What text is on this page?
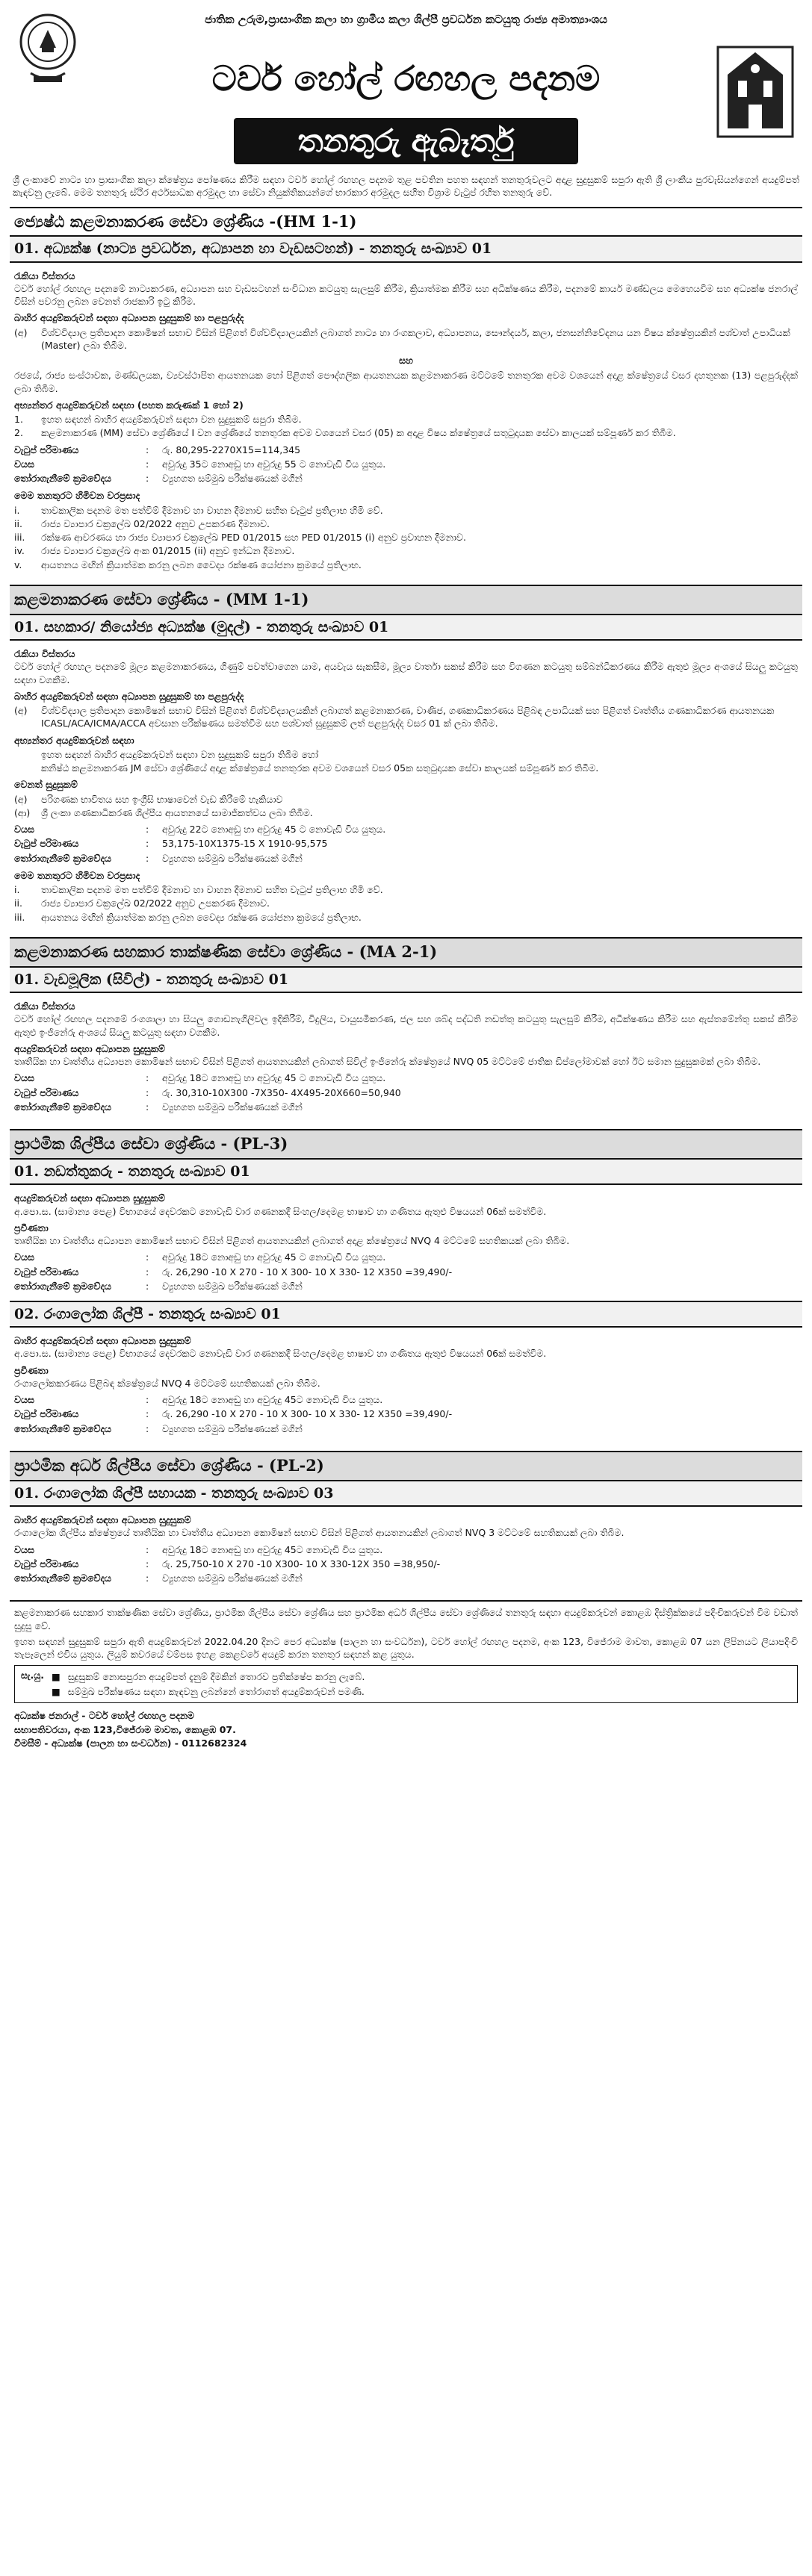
ජාතික උරුම,ප්‍රාසාංගික කලා හා ග්‍රාමීය කලා ශිල්පී ප්‍රවර්ධන කටයුතු රාජ්‍ය අමාත්‍යාංශය
ටවර් හෝල් රඟහල පදනම
තනතුරු ඇබෑර්තු
ශ්‍රී ලංකාවේ නාට්‍ය හා ප්‍රාසාංගික කලා ක්ෂේත්‍රය පෝෂණය කිරීම සඳහා ටවර් හෝල් රඟහල පදනම තුළ පවතින පහත සඳහන් තනතුරුවලට අදාළ සුදුසුකම් සපුරා ඇති ශ්‍රී ලාංකීය පුරවැසියන්ගෙන් අයදුම්පත් කැඳවනු ලැබේ. මෙම තනතුරු ස්ථිර අර්ථසාධක අරමුදල හා සේවා නියුක්තිකයන්ගේ භාරකාර අරමුදල සහිත විශ්‍රාම වැටුප් රහිත තනතුරු වේ.
ජ්‍යෙෂ්ඨ කළමනාකරණ සේවා ශ්‍රේණිය -(HM 1-1)
01. අධ්‍යක්ෂ (නාට්‍ය ප්‍රවර්ධන, අධ්‍යාපන හා වැඩසටහන්) - තනතුරු සංඛ්‍යාව 01
රැකියා විස්තරය
ටවර් හෝල් රඟහල පදනමේ නාට්‍යකරණ, අධ්‍යාපන සහ වැඩසටහන් සංවිධාන කටයුතු සැලසුම් කිරීම, ක්‍රියාත්මක කිරීම සහ අධීක්ෂණය කිරීම, පදනමේ කාර්ය මණ්ඩලය මෙහෙයවීම සහ අධ්‍යක්ෂ ජනරාල් විසින් පවරනු ලබන වෙනත් රාජකාරි ඉටු කිරීම.
බාහිර අයදුම්කරුවන් සඳහා අධ්‍යාපන සුදුසුකම් හා පළපුරුද්ද
(අ)	විශ්වවිද්‍යාල ප්‍රතිපාදන කොමිෂන් සභාව විසින් පිළිගත් විශ්වවිද්‍යාලයකින් ලබාගත් නාට්‍ය හා රංගකලාව, අධ්‍යාපනය, සෞන්දර්ය, කලා, ජනසන්නිවේදනය යන විෂය ක්ෂේත්‍රයකින් පශ්චාත් උපාධියක් (Master) ලබා තිබීම.
සහ
රජයේ, රාජ්‍ය සංස්ථාවක, මණ්ඩලයක, ව්‍යවස්ථාපිත ආයතනයක හෝ පිළිගත් පෞද්ගලික ආයතනයක කළමනාකරණ මට්ටමේ තනතුරක අවම වශයෙන් අදාළ ක්ෂේත්‍රයේ වසර දහතුනක (13) පළපුරුද්දක් ලබා තිබීම.
අභ්‍යන්තර අයදුම්කරුවන් සඳහා (පහත කරුණක් 1 හෝ 2)
1.	ඉහත සඳහන් බාහිර අයදුම්කරුවන් සඳහා වන සුදුසුකම් සපුරා තිබීම.
2.	කළමනාකරණ (MM) සේවා ශ්‍රේණියේ I වන ශ්‍රේණියේ තනතුරක අවම වශයෙන් වසර (05) ක අදාළ විෂය ක්ෂේත්‍රයේ සතුටුදායක සේවා කාලයක් සම්පූර්ණ කර තිබීම.
වැටුප් පරිමාණය	:	රු. 80,295-2270X15=114,345
වයස	:	අවුරුදු 35ට නොඅඩු හා අවුරුදු 55 ට නොවැඩි විය යුතුය.
තෝරාගැනීමේ ක්‍රමවේදය	:	ව්‍යුහගත සම්මුඛ පරීක්ෂණයක් මගින්
මෙම තනතුරට හිමිවන වරප්‍රසාද
i.	තාවකාලික පදනම මත පත්වීම් දීමනාව හා වාහන දීමනාව සහිත වැටුප් ප්‍රතිලාභ හිමි වේ.
ii.	රාජ්‍ය ව්‍යාපාර චක්‍රලේඛ 02/2022 අනුව උපකරණ දීමනාව.
iii.	රක්ෂණ ආවරණය හා රාජ්‍ය ව්‍යාපාර චක්‍රලේඛ PED 01/2015 සහ PED 01/2015 (i) අනුව ප්‍රවාහන දීමනාව.
iv.	රාජ්‍ය ව්‍යාපාර චක්‍රලේඛ අංක 01/2015 (ii) අනුව ඉන්ධන දීමනාව.
v.	ආයතනය මඟින් ක්‍රියාත්මක කරනු ලබන වෛද්‍ය රක්ෂණ යෝජනා ක්‍රමයේ ප්‍රතිලාභ.
කළමනාකරණ සේවා ශ්‍රේණිය - (MM 1-1)
01. සහකාර/ නියෝජ්‍ය අධ්‍යක්ෂ (මුදල්) - තනතුරු සංඛ්‍යාව 01
රැකියා විස්තරය
ටවර් හෝල් රඟහල පදනමේ මූල්‍ය කළමනාකරණය, ගිණුම් පවත්වාගෙන යාම, අයවැය සැකසීම, මූල්‍ය වාර්තා සකස් කිරීම සහ විගණන කටයුතු සම්බන්ධීකරණය කිරීම ඇතුළු මූල්‍ය අංශයේ සියලු කටයුතු සඳහා වගකීම.
බාහිර අයදුම්කරුවන් සඳහා අධ්‍යාපන සුදුසුකම් හා පළපුරුද්ද
(අ)	විශ්වවිද්‍යාල ප්‍රතිපාදන කොමිෂන් සභාව විසින් පිළිගත් විශ්වවිද්‍යාලයකින් ලබාගත් කළමනාකරණ, වාණිජ, ගණකාධිකරණය පිළිබඳ උපාධියක් සහ පිළිගත් වෘත්තීය ගණකාධිකරණ ආයතනයක ICASL/ACA/ICMA/ACCA අවසාන පරීක්ෂණය සමත්වීම සහ පශ්චාත් සුදුසුකම් ලත් පළපුරුද්ද වසර 01 ක් ලබා තිබීම.
අභ්‍යන්තර අයදුම්කරුවන් සඳහා
ඉහත සඳහන් බාහිර අයදුම්කරුවන් සඳහා වන සුදුසුකම් සපුරා තිබීම හෝ
කනිෂ්ඨ කළමනාකරණ JM සේවා ශ්‍රේණියේ අදාළ ක්ෂේත්‍රයේ තනතුරක අවම වශයෙන් වසර 05ක සතුටුදායක සේවා කාලයක් සම්පූර්ණ කර තිබීම.
වෙනත් සුදුසුකම්
(අ)	පරිගණක භාවිතය සහ ඉංග්‍රීසි භාෂාවෙන් වැඩ කිරීමේ හැකියාව
(ආ)	ශ්‍රී ලංකා ගණකාධිකරණ ශිල්පීය ආයතනයේ සාමාජිකත්වය ලබා තිබීම.
වයස	:	අවුරුදු 22ට නොඅඩු හා අවුරුදු 45 ට නොවැඩි විය යුතුය.
වැටුප් පරිමාණය	:	53,175-10X1375-15 X 1910-95,575
තෝරාගැනීමේ ක්‍රමවේදය	:	ව්‍යුහගත සම්මුඛ පරීක්ෂණයක් මගින්
මෙම තනතුරට හිමිවන වරප්‍රසාද
i.	තාවකාලික පදනම මත පත්වීම් දීමනාව හා වාහන දීමනාව සහිත වැටුප් ප්‍රතිලාභ හිමි වේ.
ii.	රාජ්‍ය ව්‍යාපාර චක්‍රලේඛ 02/2022 අනුව උපකරණ දීමනාව.
iii.	ආයතනය මඟින් ක්‍රියාත්මක කරනු ලබන වෛද්‍ය රක්ෂණ යෝජනා ක්‍රමයේ ප්‍රතිලාභ.
කළමනාකරණ සහකාර තාක්ෂණික සේවා ශ්‍රේණිය - (MA 2-1)
01. වැඩමූලික (සිවිල්) - තනතුරු සංඛ්‍යාව 01
රැකියා විස්තරය
ටවර් හෝල් රඟහල පදනමේ රංගශාලා හා සියලු ගොඩනැගිලිවල ඉදිකිරීම්, විදුලිය, වායුසමීකරණ, ජල සහ ශබ්ද පද්ධති නඩත්තු කටයුතු සැලසුම් කිරීම, අධීක්ෂණය කිරීම සහ ඇස්තමේන්තු සකස් කිරීම ඇතුළු ඉංජිනේරු අංශයේ සියලු කටයුතු සඳහා වගකීම.
අයදුම්කරුවන් සඳහා අධ්‍යාපන සුදුසුකම්
තෘතීයික හා වෘත්තීය අධ්‍යාපන කොමිෂන් සභාව විසින් පිළිගත් ආයතනයකින් ලබාගත් සිවිල් ඉංජිනේරු ක්ෂේත්‍රයේ NVQ 05 මට්ටමේ ජාතික ඩිප්ලෝමාවක් හෝ ඊට සමාන සුදුසුකමක් ලබා තිබීම.
වයස	:	අවුරුදු 18ට නොඅඩු හා අවුරුදු 45 ට නොවැඩි විය යුතුය.
වැටුප් පරිමාණය	:	රු. 30,310-10X300 -7X350- 4X495-20X660=50,940
තෝරාගැනීමේ ක්‍රමවේදය	:	ව්‍යුහගත සම්මුඛ පරීක්ෂණයක් මගින්
ප්‍රාථමික ශිල්පීය සේවා ශ්‍රේණිය - (PL-3)
01. නඩත්තුකරු - තනතුරු සංඛ්‍යාව 01
අයදුම්කරුවන් සඳහා අධ්‍යාපන සුදුසුකම්
අ.පො.ස. (සාමාන්‍ය පෙළ) විභාගයේ දෙවරකට නොවැඩි වාර ගණනකදී සිංහල/දෙමළ භාෂාව හා ගණිතය ඇතුළු විෂයයන් 06ක් සමත්වීම.
ප්‍රවීණතා
තෘතීයික හා වෘත්තීය අධ්‍යාපන කොමිෂන් සභාව විසින් පිළිගත් ආයතනයකින් ලබාගත් අදාළ ක්ෂේත්‍රයේ NVQ 4 මට්ටමේ සහතිකයක් ලබා තිබීම.
වයස	:	අවුරුදු 18ට නොඅඩු හා අවුරුදු 45 ට නොවැඩි විය යුතුය.
වැටුප් පරිමාණය	:	රු. 26,290 -10 X 270 - 10 X 300- 10 X 330- 12 X350 =39,490/-
තෝරාගැනීමේ ක්‍රමවේදය	:	ව්‍යුහගත සම්මුඛ පරීක්ෂණයක් මගින්
02. රංගාලෝක ශිල්පී - තනතුරු සංඛ්‍යාව 01
බාහිර අයදුම්කරුවන් සඳහා අධ්‍යාපන සුදුසුකම්
අ.පො.ස. (සාමාන්‍ය පෙළ) විභාගයේ දෙවරකට නොවැඩි වාර ගණනකදී සිංහල/දෙමළ භාෂාව හා ගණිතය ඇතුළු විෂයයන් 06ක් සමත්වීම.
ප්‍රවීණතා
රංගාලෝකකරණය පිළිබඳ ක්ෂේත්‍රයේ NVQ 4 මට්ටමේ සහතිකයක් ලබා තිබීම.
වයස	:	අවුරුදු 18ට නොඅඩු හා අවුරුදු 45ට නොවැඩි විය යුතුය.
වැටුප් පරිමාණය	:	රු. 26,290 -10 X 270 - 10 X 300- 10 X 330- 12 X350 =39,490/-
තෝරාගැනීමේ ක්‍රමවේදය	:	ව්‍යුහගත සම්මුඛ පරීක්ෂණයක් මගින්
ප්‍රාථමික අර්ධ ශිල්පීය සේවා ශ්‍රේණිය - (PL-2)
01. රංගාලෝක ශිල්පී සහායක - තනතුරු සංඛ්‍යාව 03
බාහිර අයදුම්කරුවන් සඳහා අධ්‍යාපන සුදුසුකම්
රංගාලෝක ශිල්පීය ක්ෂේත්‍රයේ තෘතීයික හා වෘත්තීය අධ්‍යාපන කොමිෂන් සභාව විසින් පිළිගත් ආයතනයකින් ලබාගත් NVQ 3 මට්ටමේ සහතිකයක් ලබා තිබීම.
වයස	:	අවුරුදු 18ට නොඅඩු හා අවුරුදු 45ට නොවැඩි විය යුතුය.
වැටුප් පරිමාණය	:	රු. 25,750-10 X 270 -10 X300- 10 X 330-12X 350 =38,950/-
තෝරාගැනීමේ ක්‍රමවේදය	:	ව්‍යුහගත සම්මුඛ පරීක්ෂණයක් මගින්
කළමනාකරණ සහකාර තාක්ෂණික සේවා ශ්‍රේණිය, ප්‍රාථමික ශිල්පීය සේවා ශ්‍රේණිය සහ ප්‍රාථමික අර්ධ ශිල්පීය සේවා ශ්‍රේණියේ තනතුරු සඳහා අයදුම්කරුවන් කොළඹ දිස්ත්‍රික්කයේ පදිංචිකරුවන් වීම වඩාත් සුදුසු වේ.
ඉහත සඳහන් සුදුසුකම් සපුරා ඇති අයදුම්කරුවන් 2022.04.20 දිනට පෙර අධ්‍යක්ෂ (පාලන හා සංවර්ධන), ටවර් හෝල් රඟහල පදනම, අංක 123, විජේරාම මාවත, කොළඹ 07 යන ලිපිනයට ලියාපදිංචි තැපෑලෙන් එවිය යුතුය. ලියුම් කවරයේ වම්පස ඉහළ කෙළවරේ අයදුම් කරන තනතුර සඳහන් කළ යුතුය.
සැ.යු. ■ සුදුසුකම් නොසපුරන අයදුම්පත් දැනුම් දීමකින් තොරව ප්‍රතික්ෂේප කරනු ලැබේ.
■ සම්මුඛ පරීක්ෂණය සඳහා කැඳවනු ලබන්නේ තෝරාගත් අයදුම්කරුවන් පමණි.
අධ්‍යක්ෂ ජනරාල් - ටවර් හෝල් රඟහල පදනම
සභාපතිවරයා, අංක 123,විජේරාම මාවත, කොළඹ 07.
විමසීම් - අධ්‍යක්ෂ (පාලන හා සංවර්ධන) - 0112682324
